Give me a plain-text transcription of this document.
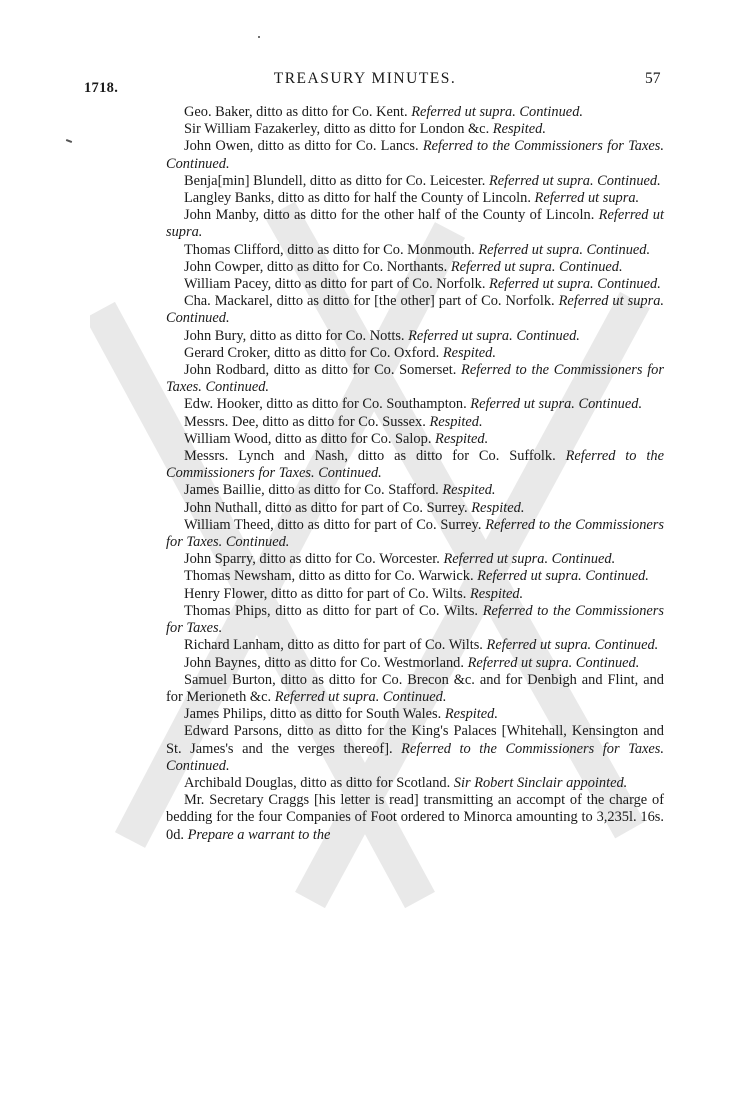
1718.
TREASURY MINUTES.	57

Geo. Baker, ditto as ditto for Co. Kent. Referred ut supra. Continued.

Sir William Fazakerley, ditto as ditto for London &c. Respited.

John Owen, ditto as ditto for Co. Lancs. Referred to the Commissioners for Taxes. Continued.

Benja[min] Blundell, ditto as ditto for Co. Leicester. Referred ut supra. Continued.

Langley Banks, ditto as ditto for half the County of Lincoln. Referred ut supra.

John Manby, ditto as ditto for the other half of the County of Lincoln. Referred ut supra.

Thomas Clifford, ditto as ditto for Co. Monmouth. Referred ut supra. Continued.

John Cowper, ditto as ditto for Co. Northants. Referred ut supra. Continued.

William Pacey, ditto as ditto for part of Co. Norfolk. Referred ut supra. Continued.

Cha. Mackarel, ditto as ditto for [the other] part of Co. Norfolk. Referred ut supra. Continued.

John Bury, ditto as ditto for Co. Notts. Referred ut supra. Continued.

Gerard Croker, ditto as ditto for Co. Oxford. Respited.

John Rodbard, ditto as ditto for Co. Somerset. Referred to the Commissioners for Taxes. Continued.

Edw. Hooker, ditto as ditto for Co. Southampton. Referred ut supra. Continued.

Messrs. Dee, ditto as ditto for Co. Sussex. Respited.

William Wood, ditto as ditto for Co. Salop. Respited.

Messrs. Lynch and Nash, ditto as ditto for Co. Suffolk. Referred to the Commissioners for Taxes. Continued.

James Baillie, ditto as ditto for Co. Stafford. Respited.

John Nuthall, ditto as ditto for part of Co. Surrey. Respited.

William Theed, ditto as ditto for part of Co. Surrey. Referred to the Commissioners for Taxes. Continued.

John Sparry, ditto as ditto for Co. Worcester. Referred ut supra. Continued.

Thomas Newsham, ditto as ditto for Co. Warwick. Referred ut supra. Continued.

Henry Flower, ditto as ditto for part of Co. Wilts. Respited.

Thomas Phips, ditto as ditto for part of Co. Wilts. Referred to the Commissioners for Taxes.

Richard Lanham, ditto as ditto for part of Co. Wilts. Referred ut supra. Continued.

John Baynes, ditto as ditto for Co. Westmorland. Referred ut supra. Continued.

Samuel Burton, ditto as ditto for Co. Brecon &c. and for Denbigh and Flint, and for Merioneth &c. Referred ut supra. Continued.

James Philips, ditto as ditto for South Wales. Respited.

Edward Parsons, ditto as ditto for the King's Palaces [Whitehall, Kensington and St. James's and the verges thereof]. Referred to the Commissioners for Taxes. Continued.

Archibald Douglas, ditto as ditto for Scotland. Sir Robert Sinclair appointed.

Mr. Secretary Craggs [his letter is read] transmitting an accompt of the charge of bedding for the four Companies of Foot ordered to Minorca amounting to 3,235l. 16s. 0d. Prepare a warrant to the
